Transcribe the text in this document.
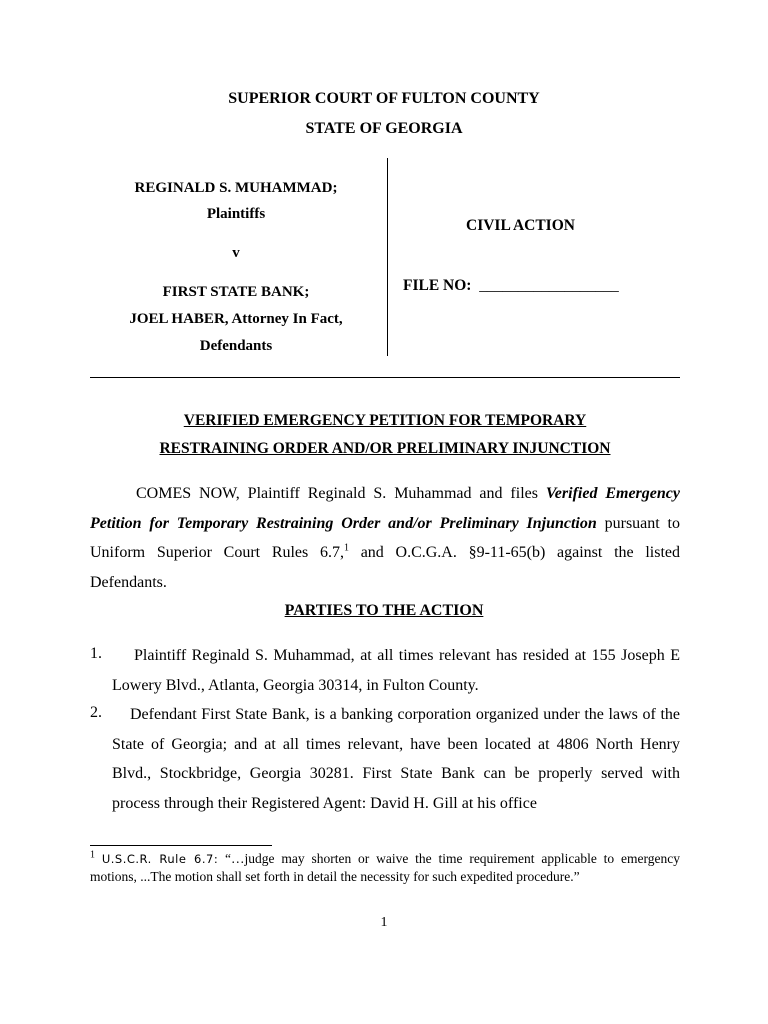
SUPERIOR COURT OF FULTON COUNTY
STATE OF GEORGIA
REGINALD S. MUHAMMAD;
Plaintiffs
v
FIRST STATE BANK;
JOEL HABER, Attorney In Fact,
Defendants
CIVIL ACTION
FILE NO: __________________
VERIFIED EMERGENCY PETITION FOR TEMPORARY
RESTRAINING ORDER AND/OR PRELIMINARY INJUNCTION
COMES NOW, Plaintiff Reginald S. Muhammad and files Verified Emergency Petition for Temporary Restraining Order and/or Preliminary Injunction pursuant to Uniform Superior Court Rules 6.7,$^1$ and O.C.G.A. §9-11-65(b) against the listed Defendants.
PARTIES TO THE ACTION
1.	Plaintiff Reginald S. Muhammad, at all times relevant has resided at 155 Joseph E Lowery Blvd., Atlanta, Georgia 30314, in Fulton County.
2.	Defendant First State Bank, is a banking corporation organized under the laws of the State of Georgia; and at all times relevant, have been located at 4806 North Henry Blvd., Stockbridge, Georgia 30281. First State Bank can be properly served with process through their Registered Agent: David H. Gill at his office
$^1$ U.S.C.R. Rule 6.7: “…judge may shorten or waive the time requirement applicable to emergency motions, ...The motion shall set forth in detail the necessity for such expedited procedure.”
1
